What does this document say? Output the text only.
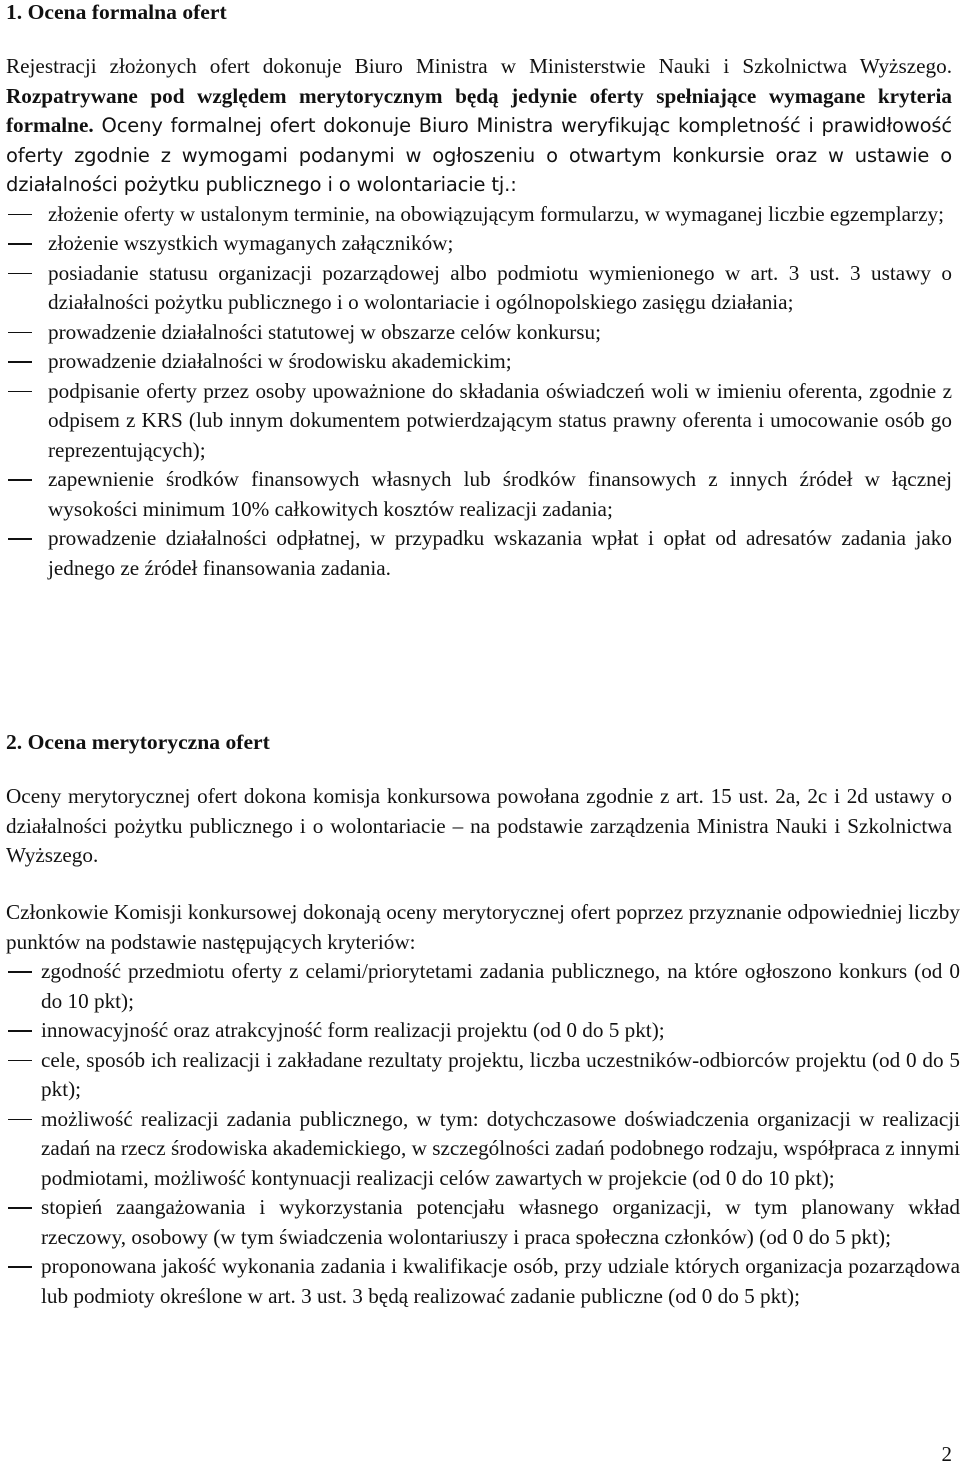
1. Ocena formalna ofert

Rejestracji złożonych ofert dokonuje Biuro Ministra w Ministerstwie Nauki i Szkolnictwa Wyższego. Rozpatrywane pod względem merytorycznym będą jedynie oferty spełniające wymagane kryteria formalne. Oceny formalnej ofert dokonuje Biuro Ministra weryfikując kompletność i prawidłowość oferty zgodnie z wymogami podanymi w ogłoszeniu o otwartym konkursie oraz w ustawie o działalności pożytku publicznego i o wolontariacie tj.:

złożenie oferty w ustalonym terminie, na obowiązującym formularzu, w wymaganej liczbie egzemplarzy;
złożenie wszystkich wymaganych załączników;
posiadanie statusu organizacji pozarządowej albo podmiotu wymienionego w art. 3 ust. 3 ustawy o działalności pożytku publicznego i o wolontariacie i ogólnopolskiego zasięgu działania;
prowadzenie działalności statutowej w obszarze celów konkursu;
prowadzenie działalności w środowisku akademickim;
podpisanie oferty przez osoby upoważnione do składania oświadczeń woli w imieniu oferenta, zgodnie z odpisem z KRS (lub innym dokumentem potwierdzającym status prawny oferenta i umocowanie osób go reprezentujących);
zapewnienie środków finansowych własnych lub środków finansowych z innych źródeł w łącznej wysokości minimum 10% całkowitych kosztów realizacji zadania;
prowadzenie działalności odpłatnej, w przypadku wskazania wpłat i opłat od adresatów zadania jako jednego ze źródeł finansowania zadania.
2. Ocena merytoryczna ofert

Oceny merytorycznej ofert dokona komisja konkursowa powołana zgodnie z art. 15 ust. 2a, 2c i 2d ustawy o działalności pożytku publicznego i o wolontariacie – na podstawie zarządzenia Ministra Nauki i Szkolnictwa Wyższego.

Członkowie Komisji konkursowej dokonają oceny merytorycznej ofert poprzez przyznanie odpowiedniej liczby punktów na podstawie następujących kryteriów:

zgodność przedmiotu oferty z celami/priorytetami zadania publicznego, na które ogłoszono konkurs (od 0 do 10 pkt);
innowacyjność oraz atrakcyjność form realizacji projektu (od 0 do 5 pkt);
cele, sposób ich realizacji i zakładane rezultaty projektu, liczba uczestników-odbiorców projektu (od 0 do 5 pkt);
możliwość realizacji zadania publicznego, w tym: dotychczasowe doświadczenia organizacji w realizacji zadań na rzecz środowiska akademickiego, w szczególności zadań podobnego rodzaju, współpraca z innymi podmiotami, możliwość kontynuacji realizacji celów zawartych w projekcie (od 0 do 10 pkt);
stopień zaangażowania i wykorzystania potencjału własnego organizacji, w tym planowany wkład rzeczowy, osobowy (w tym świadczenia wolontariuszy i praca społeczna członków) (od 0 do 5 pkt);
proponowana jakość wykonania zadania i kwalifikacje osób, przy udziale których organizacja pozarządowa lub podmioty określone w art. 3 ust. 3 będą realizować zadanie publiczne (od 0 do 5 pkt);
2
